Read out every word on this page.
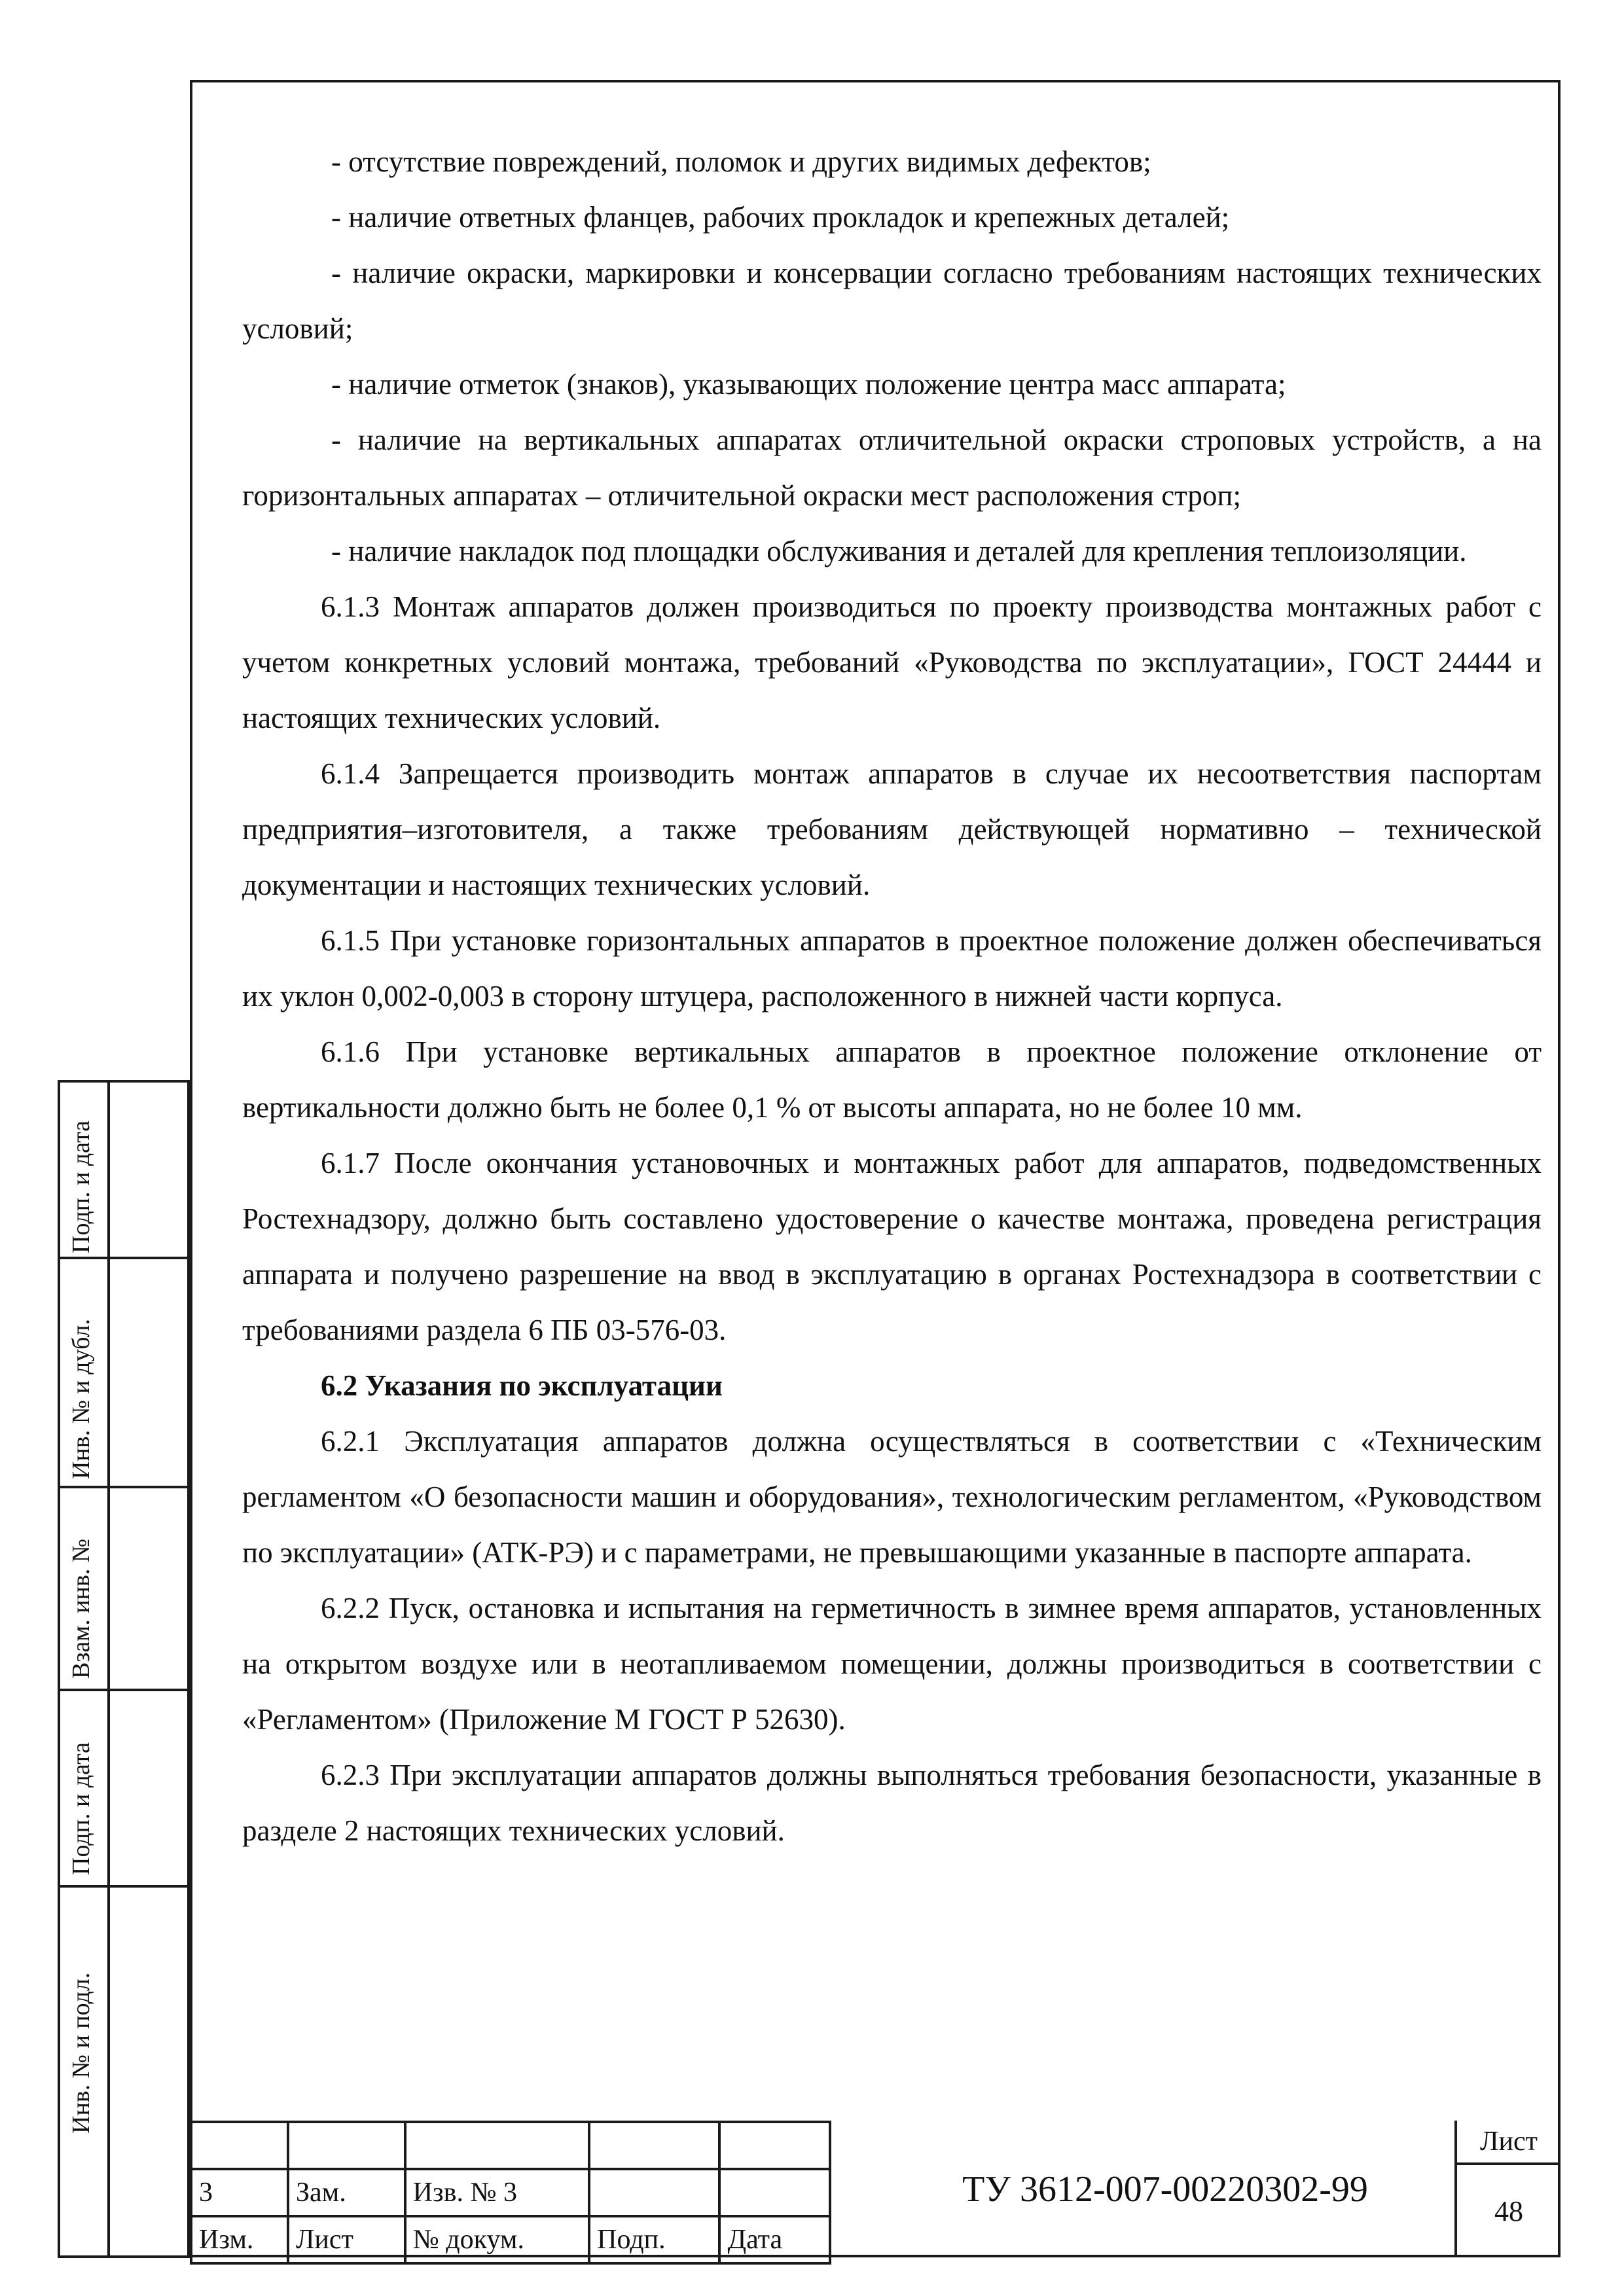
- отсутствие повреждений, поломок и других видимых дефектов;

- наличие ответных фланцев, рабочих прокладок и крепежных деталей;

- наличие окраски, маркировки и консервации согласно требованиям настоящих технических условий;

- наличие отметок (знаков), указывающих положение центра масс аппарата;

- наличие на вертикальных аппаратах отличительной окраски строповых устройств, а на горизонтальных аппаратах – отличительной окраски мест расположения строп;

- наличие накладок под площадки обслуживания и деталей для крепления теплоизоляции.

6.1.3 Монтаж аппаратов должен производиться по проекту производства монтажных работ с учетом конкретных условий монтажа, требований «Руководства по эксплуатации», ГОСТ 24444 и настоящих технических условий.

6.1.4 Запрещается производить монтаж аппаратов в случае их несоответствия паспортам предприятия–изготовителя, а также требованиям действующей нормативно – технической документации и настоящих технических условий.

6.1.5 При установке горизонтальных аппаратов в проектное положение должен обеспечиваться их уклон 0,002-0,003 в сторону штуцера, расположенного в нижней части корпуса.

6.1.6 При установке вертикальных аппаратов в проектное положение отклонение от вертикальности должно быть не более 0,1 % от высоты аппарата, но не более 10 мм.

6.1.7 После окончания установочных и монтажных работ для аппаратов, подведомственных Ростехнадзору, должно быть составлено удостоверение о качестве монтажа, проведена регистрация аппарата и получено разрешение на ввод в эксплуатацию в органах Ростехнадзора в соответствии с требованиями раздела 6 ПБ 03-576-03.

6.2 Указания по эксплуатации

6.2.1 Эксплуатация аппаратов должна осуществляться в соответствии с «Техническим регламентом «О безопасности машин и оборудования», технологическим регламентом, «Руководством по эксплуатации» (АТК-РЭ) и с параметрами, не превышающими указанные в паспорте аппарата.

6.2.2 Пуск, остановка и испытания на герметичность в зимнее время аппаратов, установленных на открытом воздухе или в неотапливаемом помещении, должны производиться в соответствии с «Регламентом» (Приложение М ГОСТ Р 52630).

6.2.3 При эксплуатации аппаратов должны выполняться требования безопасности, указанные в разделе 2 настоящих технических условий.

Подп. и дата
Инв. № и дубл.
Взам. инв. №
Подп. и дата
Инв. № и подл.

3	Зам.	Изв. № 3		
Изм.	Лист	№ докум.	Подп.	Дата
ТУ 3612-007-00220302-99
Лист
48
